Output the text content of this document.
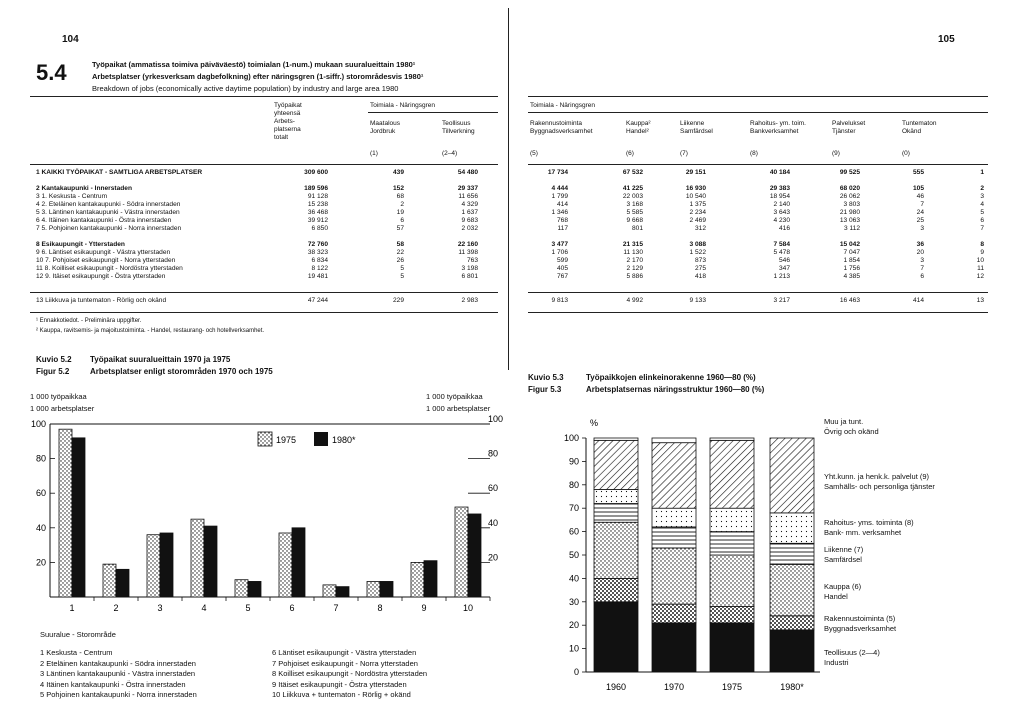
104	105
5.4	Työpaikat (ammatissa toimiva päiväväestö) toimialan (1-num.) mukaan suuralueittain 1980¹
Arbetsplatser (yrkesverksam dagbefolkning) efter näringsgren (1-siffr.) storområdesvis 1980¹
Breakdown of jobs (economically active daytime population) by industry and large area 1980
Työpaikat
yhteensä
Arbets-
platserna
totalt
Toimiala - Näringsgren
Maatalous
Jordbruk
(1)
Teollisuus
Tillverkning
(2–4)
Toimiala - Näringsgren
Rakennustoiminta
Byggnadsverksamhet
(5)
Kauppa²
Handel²
(6)
Liikenne
Samfärdsel
(7)
Rahoitus- ym. toim.
Bankverksamhet
(8)
Palvelukset
Tjänster
(9)
Tuntematon
Okänd
(0)
1 KAIKKI TYÖPAIKAT - SAMTLIGA ARBETSPLATSER	309 600	439	54 480	17 734	67 532	29 151	40 184	99 525	555	1
2 Kantakaupunki - Innerstaden	189 596	152	29 337	4 444	41 225	16 930	29 383	68 020	105	2
3 1. Keskusta - Centrum	91 128	68	11 656	1 799	22 003	10 540	18 954	26 062	46	3
4 2. Eteläinen kantakaupunki - Södra innerstaden	15 238	2	4 329	414	3 168	1 375	2 140	3 803	7	4
5 3. Läntinen kantakaupunki - Västra innerstaden	36 468	19	1 637	1 346	5 585	2 234	3 643	21 980	24	5
6 4. Itäinen kantakaupunki - Östra innerstaden	39 912	6	9 683	768	9 668	2 469	4 230	13 063	25	6
7 5. Pohjoinen kantakaupunki - Norra innerstaden	6 850	57	2 032	117	801	312	416	3 112	3	7
8 Esikaupungit - Ytterstaden	72 760	58	22 160	3 477	21 315	3 088	7 584	15 042	36	8
9 6. Läntiset esikaupungit - Västra ytterstaden	38 323	22	11 398	1 706	11 130	1 522	5 478	7 047	20	9
10 7. Pohjoiset esikaupungit - Norra ytterstaden	6 834	26	763	599	2 170	873	546	1 854	3	10
11 8. Koilliset esikaupungit - Nordöstra ytterstaden	8 122	5	3 198	405	2 129	275	347	1 756	7	11
12 9. Itäiset esikaupungit - Östra ytterstaden	19 481	5	6 801	767	5 886	418	1 213	4 385	6	12
13 Liikkuva ja tuntematon - Rörlig och okänd	47 244	229	2 983	9 813	4 992	9 133	3 217	16 463	414	13
¹ Ennakkotiedot. - Preliminära uppgifter.
² Kauppa, ravitsemis- ja majoitustoiminta. - Handel, restaurang- och hotellverksamhet.
Kuvio 5.2
Figur 5.2
Työpaikat suuralueittain 1970 ja 1975
Arbetsplatser enligt storområden 1970 och 1975
1 000 työpaikkaa
1 000 arbetsplatser
1 000 työpaikkaa
1 000 arbetsplatser
20	20
40	40
60	60
80	80
100	100
1	2	3	4	5	6	7	8	9	10
1975	1980*
Suuralue - Storområde
1 Keskusta - Centrum
2 Eteläinen kantakaupunki - Södra innerstaden
3 Läntinen kantakaupunki - Västra innerstaden
4 Itäinen kantakaupunki - Östra innerstaden
5 Pohjoinen kantakaupunki - Norra innerstaden
6 Läntiset esikaupungit - Västra ytterstaden
7 Pohjoiset esikaupungit - Norra ytterstaden
8 Koilliset esikaupungit - Nordöstra ytterstaden
9 Itäiset esikaupungit - Östra ytterstaden
10 Liikkuva + tuntematon - Rörlig + okänd
Kuvio 5.3
Figur 5.3
Työpaikkojen elinkeinorakenne 1960—80 (%)
Arbetsplatsernas näringsstruktur 1960—80 (%)
%
0
10
20
30
40
50
60
70
80
90
100
1960	1970	1975	1980*
Muu ja tunt.
Övrig och okänd
Yht.kunn. ja henk.k. palvelut (9)
Samhälls- och personliga tjänster
Rahoitus- yms. toiminta (8)
Bank- mm. verksamhet
Liikenne (7)
Samfärdsel
Kauppa (6)
Handel
Rakennustoiminta (5)
Byggnadsverksamhet
Teollisuus (2—4)
Industri
